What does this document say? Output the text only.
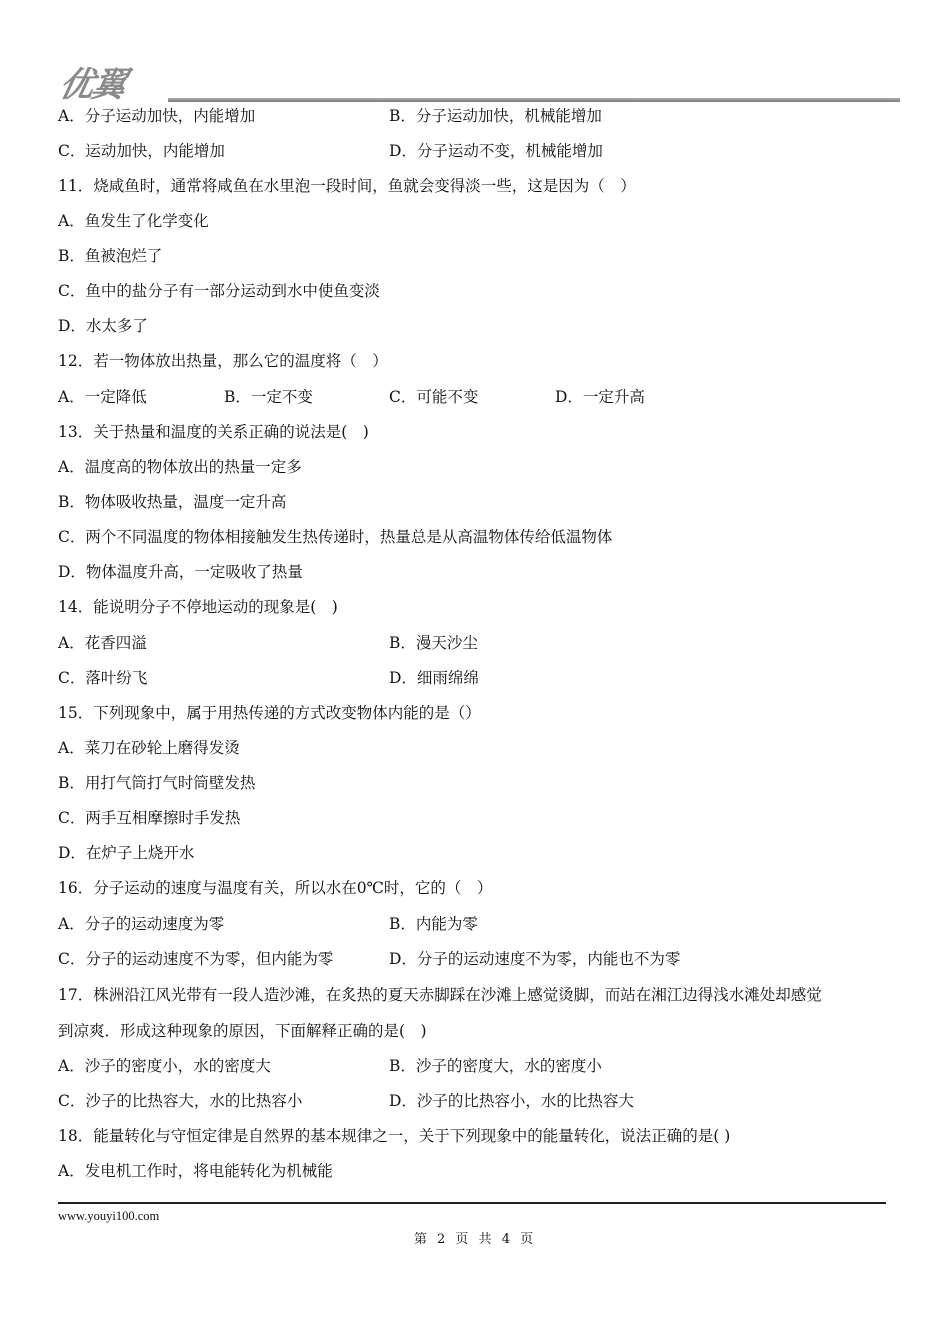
优翼
A．分子运动加快，内能增加	B．分子运动加快，机械能增加
C．运动加快，内能增加	D．分子运动不变，机械能增加
11．烧咸鱼时，通常将咸鱼在水里泡一段时间，鱼就会变得淡一些，这是因为（　）
A．鱼发生了化学变化
B．鱼被泡烂了
C．鱼中的盐分子有一部分运动到水中使鱼变淡
D．水太多了
12．若一物体放出热量，那么它的温度将（　）
A．一定降低	B．一定不变	C．可能不变	D．一定升高
13．关于热量和温度的关系正确的说法是(　)
A．温度高的物体放出的热量一定多
B．物体吸收热量，温度一定升高
C．两个不同温度的物体相接触发生热传递时，热量总是从高温物体传给低温物体
D．物体温度升高，一定吸收了热量
14．能说明分子不停地运动的现象是(　)
A．花香四溢	B．漫天沙尘
C．落叶纷飞	D．细雨绵绵
15．下列现象中，属于用热传递的方式改变物体内能的是（）
A．菜刀在砂轮上磨得发烫
B．用打气筒打气时筒壁发热
C．两手互相摩擦时手发热
D．在炉子上烧开水
16．分子运动的速度与温度有关，所以水在0℃时，它的（　）
A．分子的运动速度为零	B．内能为零
C．分子的运动速度不为零，但内能为零	D．分子的运动速度不为零，内能也不为零
17．株洲沿江风光带有一段人造沙滩，在炙热的夏天赤脚踩在沙滩上感觉烫脚，而站在湘江边得浅水滩处却感觉
到凉爽．形成这种现象的原因，下面解释正确的是(　)
A．沙子的密度小，水的密度大	B．沙子的密度大，水的密度小
C．沙子的比热容大，水的比热容小	D．沙子的比热容小，水的比热容大
18．能量转化与守恒定律是自然界的基本规律之一，关于下列现象中的能量转化，说法正确的是( )
A．发电机工作时，将电能转化为机械能
www.youyi100.com
第 2 页 共 4 页
